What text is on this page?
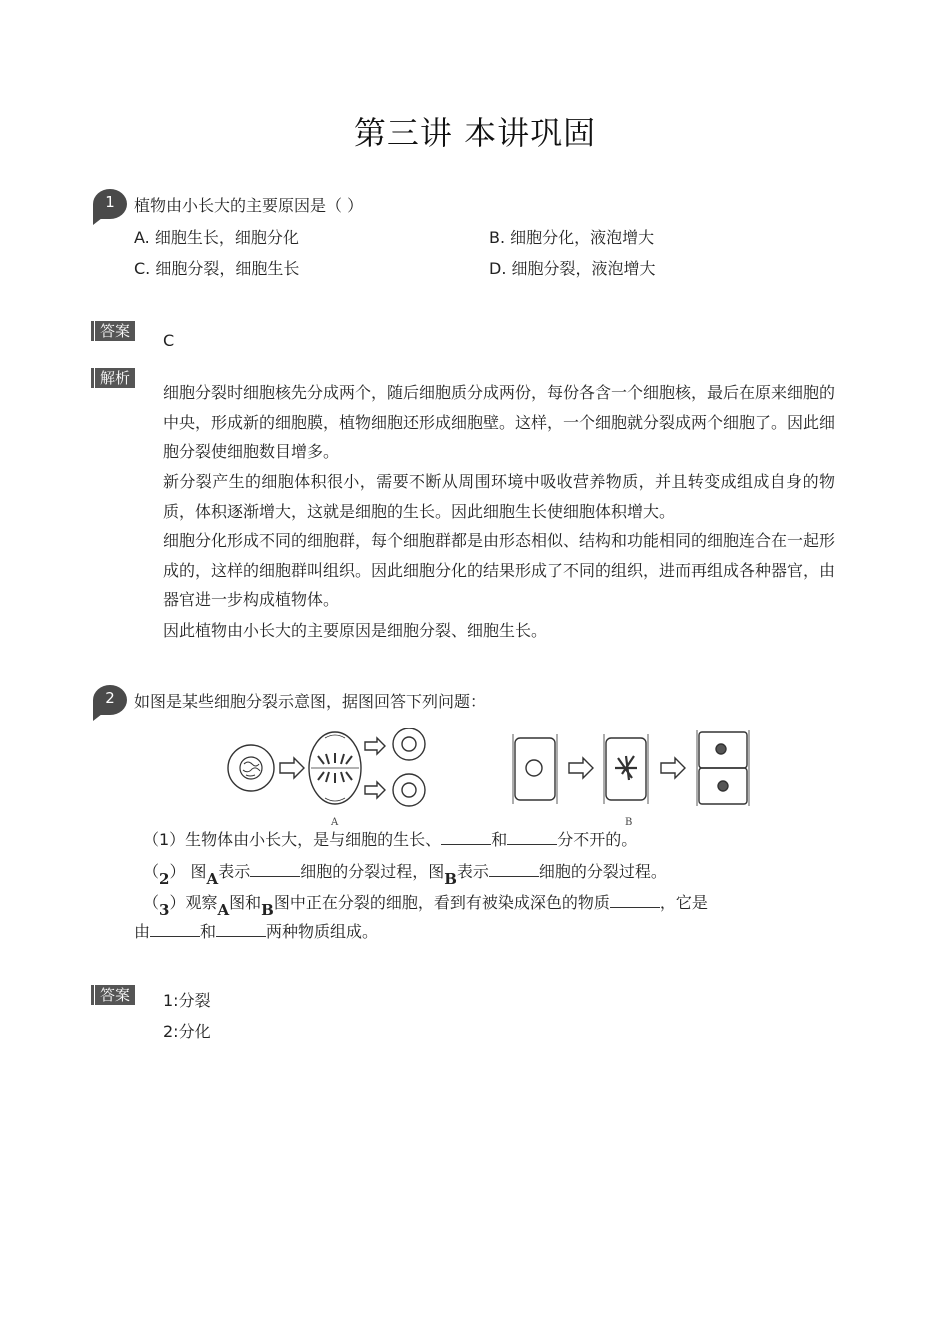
第三讲 本讲巩固
1	植物由小长大的主要原因是（ ）
A. 细胞生长，细胞分化	B. 细胞分化，液泡增大
C. 细胞分裂，细胞生长	D. 细胞分裂，液泡增大
答案	C
解析
细胞分裂时细胞核先分成两个，随后细胞质分成两份，每份各含一个细胞核，最后在原来细胞的中央，形成新的细胞膜，植物细胞还形成细胞壁。这样，一个细胞就分裂成两个细胞了。因此细胞分裂使细胞数目增多。
新分裂产生的细胞体积很小，需要不断从周围环境中吸收营养物质，并且转变成组成自身的物质，体积逐渐增大，这就是细胞的生长。因此细胞生长使细胞体积增大。
细胞分化形成不同的细胞群，每个细胞群都是由形态相似、结构和功能相同的细胞连合在一起形成的，这样的细胞群叫组织。因此细胞分化的结果形成了不同的组织，进而再组成各种器官，由器官进一步构成植物体。
因此植物由小长大的主要原因是细胞分裂、细胞生长。
2	如图是某些细胞分裂示意图，据图回答下列问题：
A	B
（1）生物体由小长大，是与细胞的生长、	和	分不开的。
（2） 图A表示	细胞的分裂过程，图B表示	细胞的分裂过程。
（3）观察A图和B图中正在分裂的细胞，看到有被染成深色的物质	，它是
由	和	两种物质组成。
答案	1:分裂
2:分化
